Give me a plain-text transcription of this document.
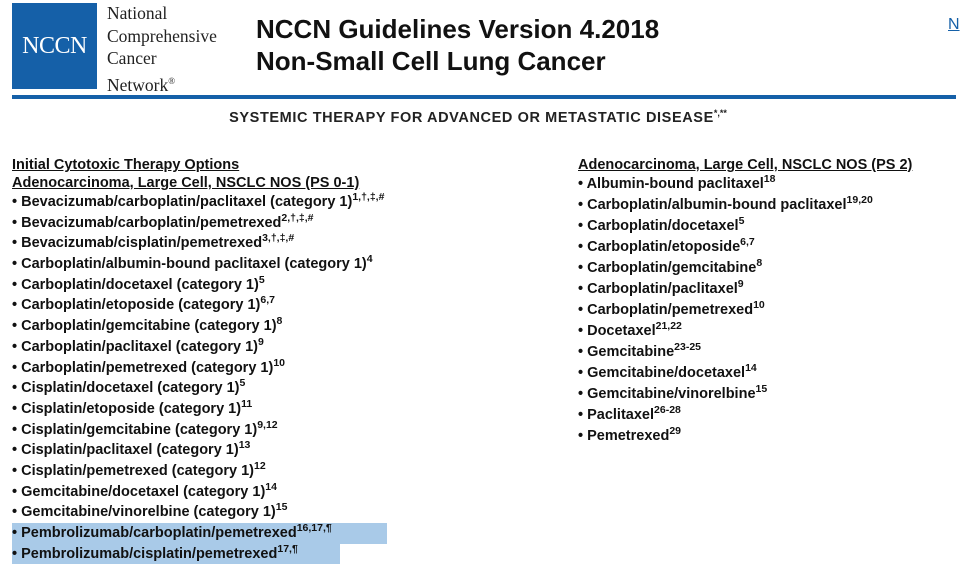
NCCN
National
Comprehensive
Cancer
Network®
NCCN Guidelines Version 4.2018
Non-Small Cell Lung Cancer
N
SYSTEMIC THERAPY FOR ADVANCED OR METASTATIC DISEASE*,**
Initial Cytotoxic Therapy Options
Adenocarcinoma, Large Cell, NSCLC NOS (PS 0-1)
• Bevacizumab/carboplatin/paclitaxel (category 1)$^{1,\dagger,\ddagger,\#}$
• Bevacizumab/carboplatin/pemetrexed$^{2,\dagger,\ddagger,\#}$
• Bevacizumab/cisplatin/pemetrexed$^{3,\dagger,\ddagger,\#}$
• Carboplatin/albumin-bound paclitaxel (category 1)$^4$
• Carboplatin/docetaxel (category 1)$^5$
• Carboplatin/etoposide (category 1)$^{6,7}$
• Carboplatin/gemcitabine (category 1)$^8$
• Carboplatin/paclitaxel (category 1)$^9$
• Carboplatin/pemetrexed (category 1)$^{10}$
• Cisplatin/docetaxel (category 1)$^5$
• Cisplatin/etoposide (category 1)$^{11}$
• Cisplatin/gemcitabine (category 1)$^{9,12}$
• Cisplatin/paclitaxel (category 1)$^{13}$
• Cisplatin/pemetrexed (category 1)$^{12}$
• Gemcitabine/docetaxel (category 1)$^{14}$
• Gemcitabine/vinorelbine (category 1)$^{15}$
• Pembrolizumab/carboplatin/pemetrexed$^{16,17,\P}$
• Pembrolizumab/cisplatin/pemetrexed$^{17,\P}$
Adenocarcinoma, Large Cell, NSCLC NOS (PS 2)
• Albumin-bound paclitaxel$^{18}$
• Carboplatin/albumin-bound paclitaxel$^{19,20}$
• Carboplatin/docetaxel$^5$
• Carboplatin/etoposide$^{6,7}$
• Carboplatin/gemcitabine$^8$
• Carboplatin/paclitaxel$^9$
• Carboplatin/pemetrexed$^{10}$
• Docetaxel$^{21,22}$
• Gemcitabine$^{23-25}$
• Gemcitabine/docetaxel$^{14}$
• Gemcitabine/vinorelbine$^{15}$
• Paclitaxel$^{26-28}$
• Pemetrexed$^{29}$
